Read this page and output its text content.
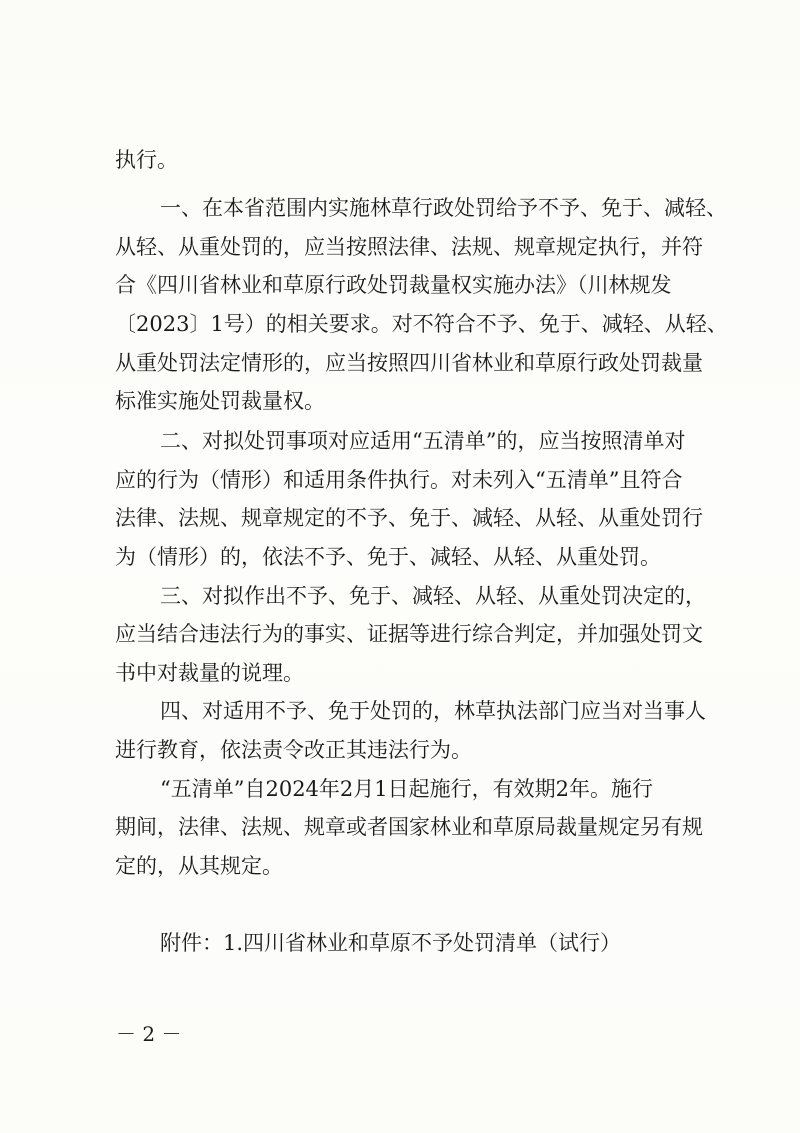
执行。
一、在本省范围内实施林草行政处罚给予不予、免于、减轻、
从轻、从重处罚的，应当按照法律、法规、规章规定执行，并符
合《四川省林业和草原行政处罚裁量权实施办法》（川林规发
〔2023〕1号）的相关要求。对不符合不予、免于、减轻、从轻、
从重处罚法定情形的，应当按照四川省林业和草原行政处罚裁量
标准实施处罚裁量权。
二、对拟处罚事项对应适用“五清单”的，应当按照清单对
应的行为（情形）和适用条件执行。对未列入“五清单”且符合
法律、法规、规章规定的不予、免于、减轻、从轻、从重处罚行
为（情形）的，依法不予、免于、减轻、从轻、从重处罚。
三、对拟作出不予、免于、减轻、从轻、从重处罚决定的，
应当结合违法行为的事实、证据等进行综合判定，并加强处罚文
书中对裁量的说理。
四、对适用不予、免于处罚的，林草执法部门应当对当事人
进行教育，依法责令改正其违法行为。
“五清单”自2024年2月1日起施行，有效期2年。施行
期间，法律、法规、规章或者国家林业和草原局裁量规定另有规
定的，从其规定。
附件：1.四川省林业和草原不予处罚清单（试行）
－ 2 －
